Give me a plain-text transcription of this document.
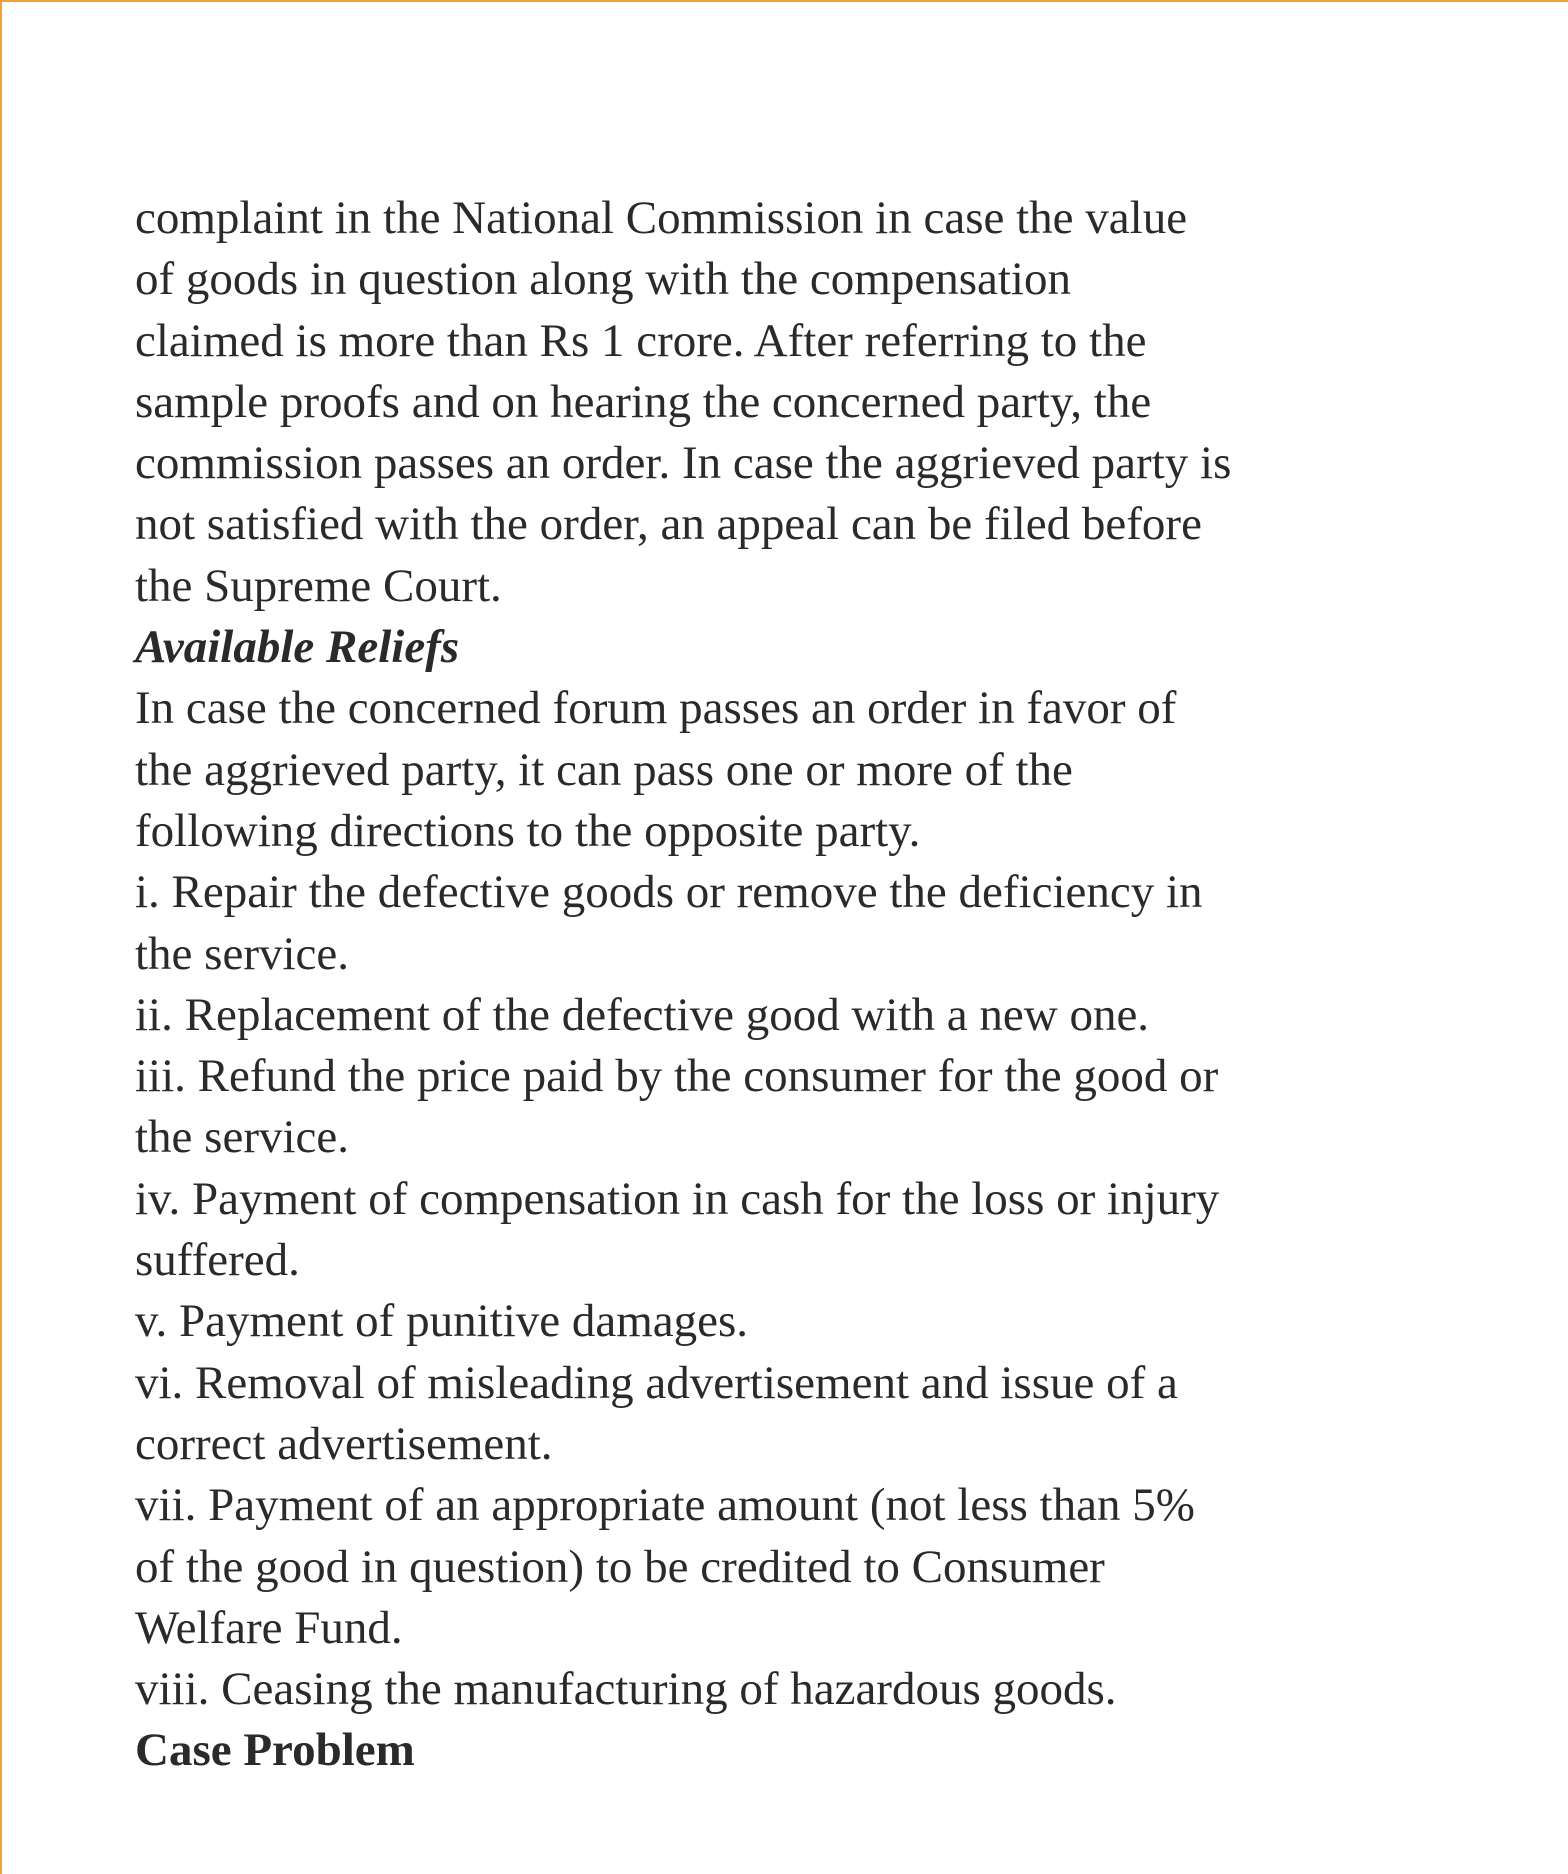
complaint in the National Commission in case the value
of goods in question along with the compensation
claimed is more than Rs 1 crore. After referring to the
sample proofs and on hearing the concerned party, the
commission passes an order. In case the aggrieved party is
not satisfied with the order, an appeal can be filed before
the Supreme Court.
Available Reliefs
In case the concerned forum passes an order in favor of
the aggrieved party, it can pass one or more of the
following directions to the opposite party.
i. Repair the defective goods or remove the deficiency in
the service.
ii. Replacement of the defective good with a new one.
iii. Refund the price paid by the consumer for the good or
the service.
iv. Payment of compensation in cash for the loss or injury
suffered.
v. Payment of punitive damages.
vi. Removal of misleading advertisement and issue of a
correct advertisement.
vii. Payment of an appropriate amount (not less than 5%
of the good in question) to be credited to Consumer
Welfare Fund.
viii. Ceasing the manufacturing of hazardous goods.
Case Problem
